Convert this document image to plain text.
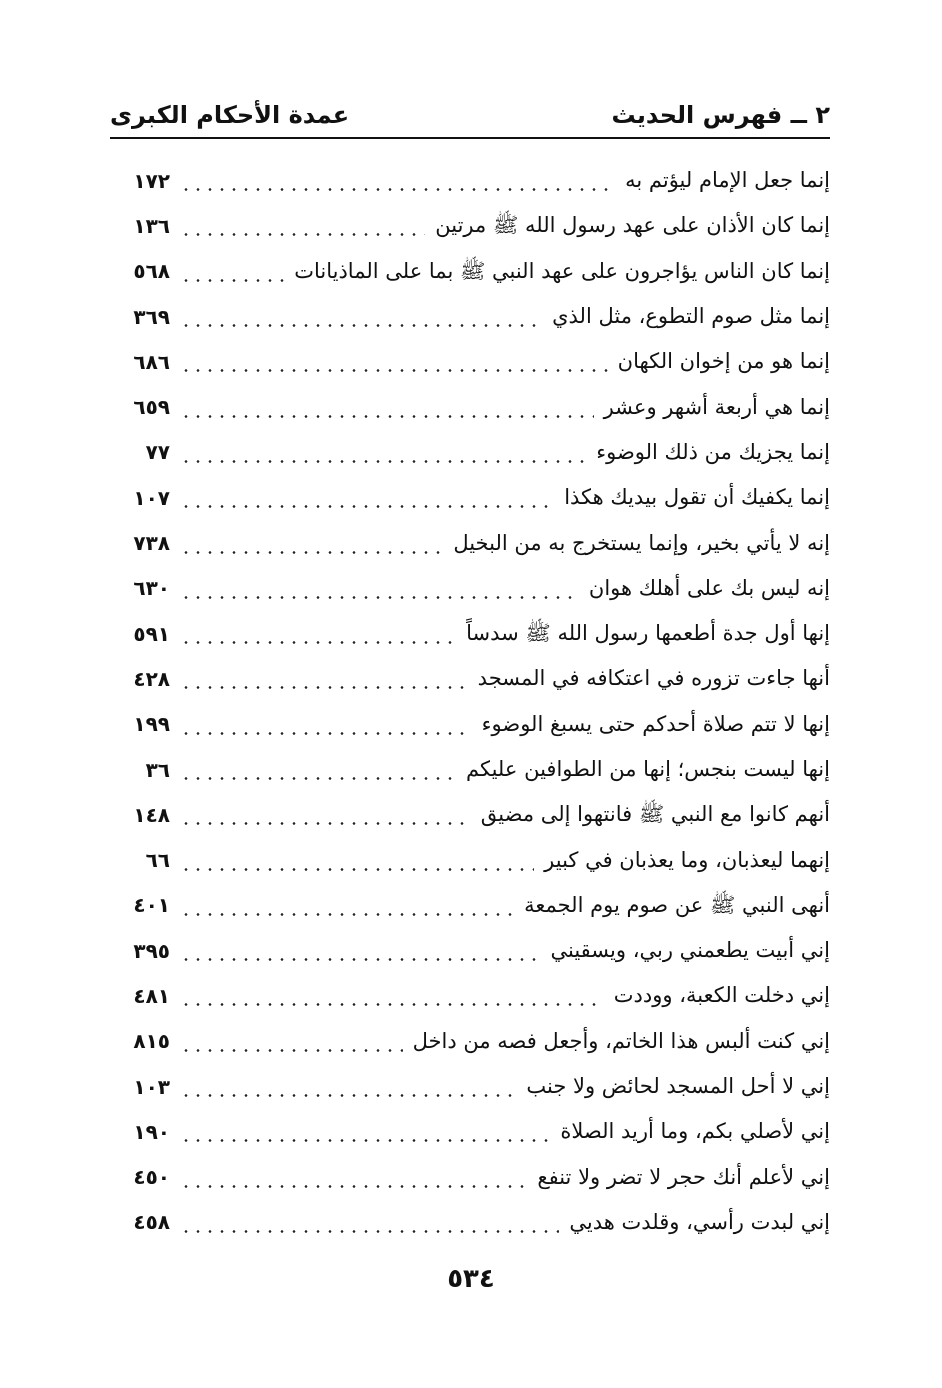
٢ ــ فهرس الحديث
عمدة الأحكام الكبرى
إنما جعل الإمام ليؤتم به
١٧٢
إنما كان الأذان على عهد رسول الله ﷺ مرتين
١٣٦
إنما كان الناس يؤاجرون على عهد النبي ﷺ بما على الماذيانات
٥٦٨
إنما مثل صوم التطوع، مثل الذي
٣٦٩
إنما هو من إخوان الكهان
٦٨٦
إنما هي أربعة أشهر وعشر
٦٥٩
إنما يجزيك من ذلك الوضوء
٧٧
إنما يكفيك أن تقول بيديك هكذا
١٠٧
إنه لا يأتي بخير، وإنما يستخرج به من البخيل
٧٣٨
إنه ليس بك على أهلك هوان
٦٣٠
إنها أول جدة أطعمها رسول الله ﷺ سدساً
٥٩١
أنها جاءت تزوره في اعتكافه في المسجد
٤٢٨
إنها لا تتم صلاة أحدكم حتى يسبغ الوضوء
١٩٩
إنها ليست بنجس؛ إنها من الطوافين عليكم
٣٦
أنهم كانوا مع النبي ﷺ فانتهوا إلى مضيق
١٤٨
إنهما ليعذبان، وما يعذبان في كبير
٦٦
أنهى النبي ﷺ عن صوم يوم الجمعة
٤٠١
إني أبيت يطعمني ربي، ويسقيني
٣٩٥
إني دخلت الكعبة، ووددت
٤٨١
إني كنت ألبس هذا الخاتم، وأجعل فصه من داخل
٨١٥
إني لا أحل المسجد لحائض ولا جنب
١٠٣
إني لأصلي بكم، وما أريد الصلاة
١٩٠
إني لأعلم أنك حجر لا تضر ولا تنفع
٤٥٠
إني لبدت رأسي، وقلدت هديي
٤٥٨
٥٣٤
